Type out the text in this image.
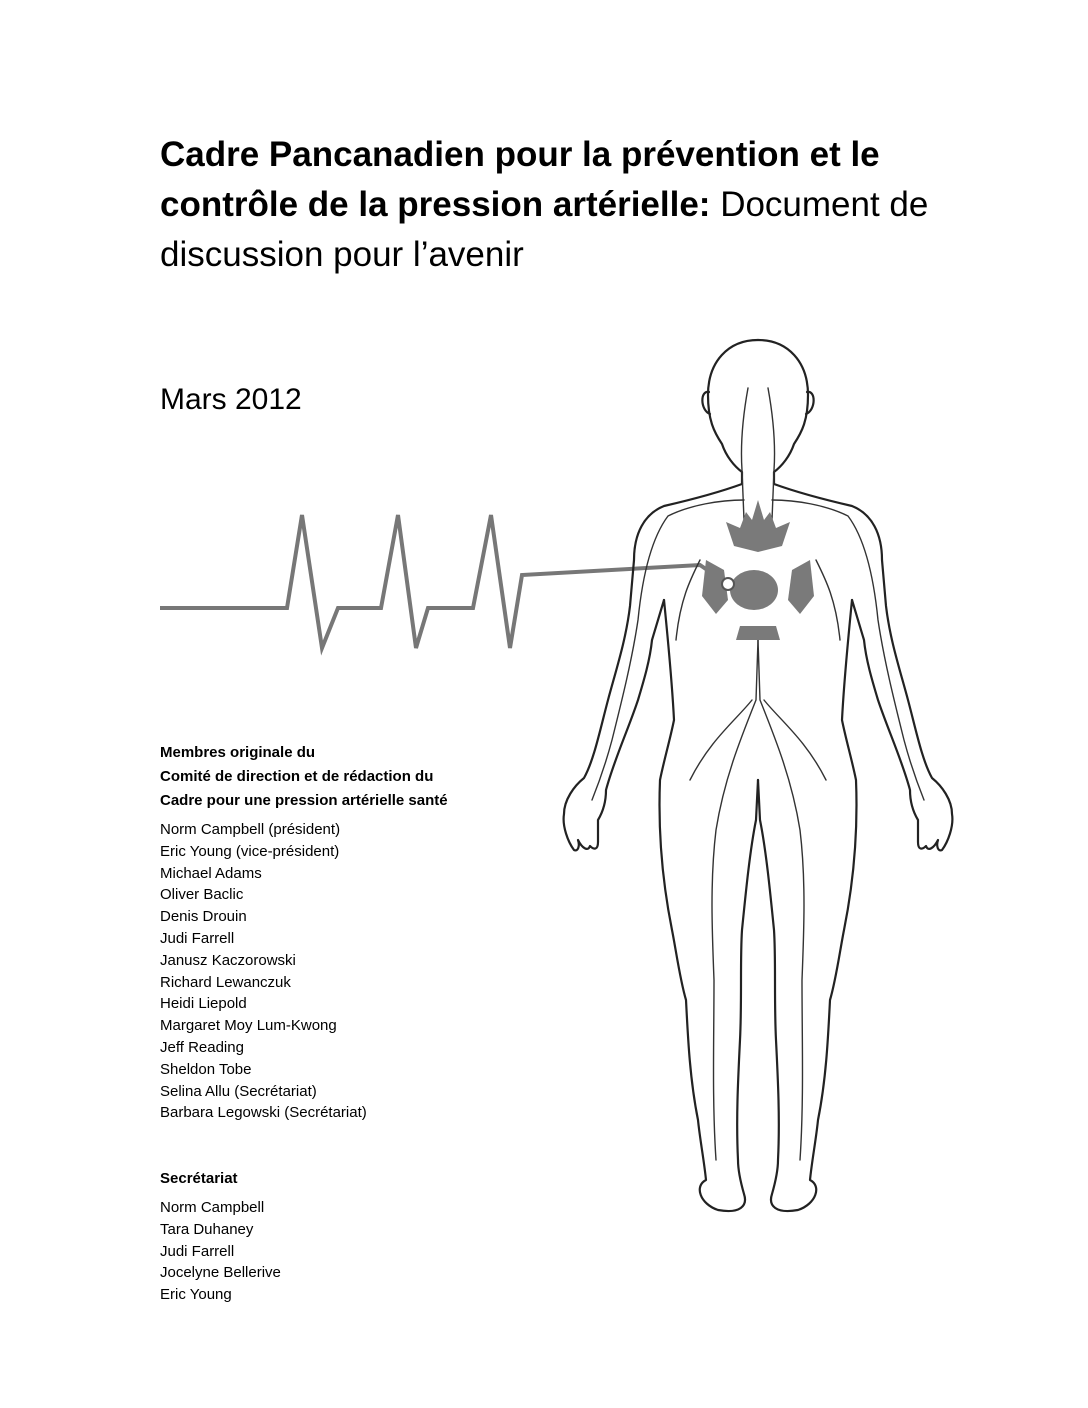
Cadre Pancanadien pour la prévention et le contrôle de la pression artérielle: Document de discussion pour l’avenir
Mars 2012
Membres originale du
Comité de direction et de rédaction du
Cadre pour une pression artérielle santé
Norm Campbell (président)
Eric Young (vice-président)
Michael Adams
Oliver Baclic
Denis Drouin
Judi Farrell
Janusz Kaczorowski
Richard Lewanczuk
Heidi Liepold
Margaret Moy Lum-Kwong
Jeff Reading
Sheldon Tobe
Selina Allu (Secrétariat)
Barbara Legowski (Secrétariat)
Secrétariat
Norm Campbell
Tara Duhaney
Judi Farrell
Jocelyne Bellerive
Eric Young
